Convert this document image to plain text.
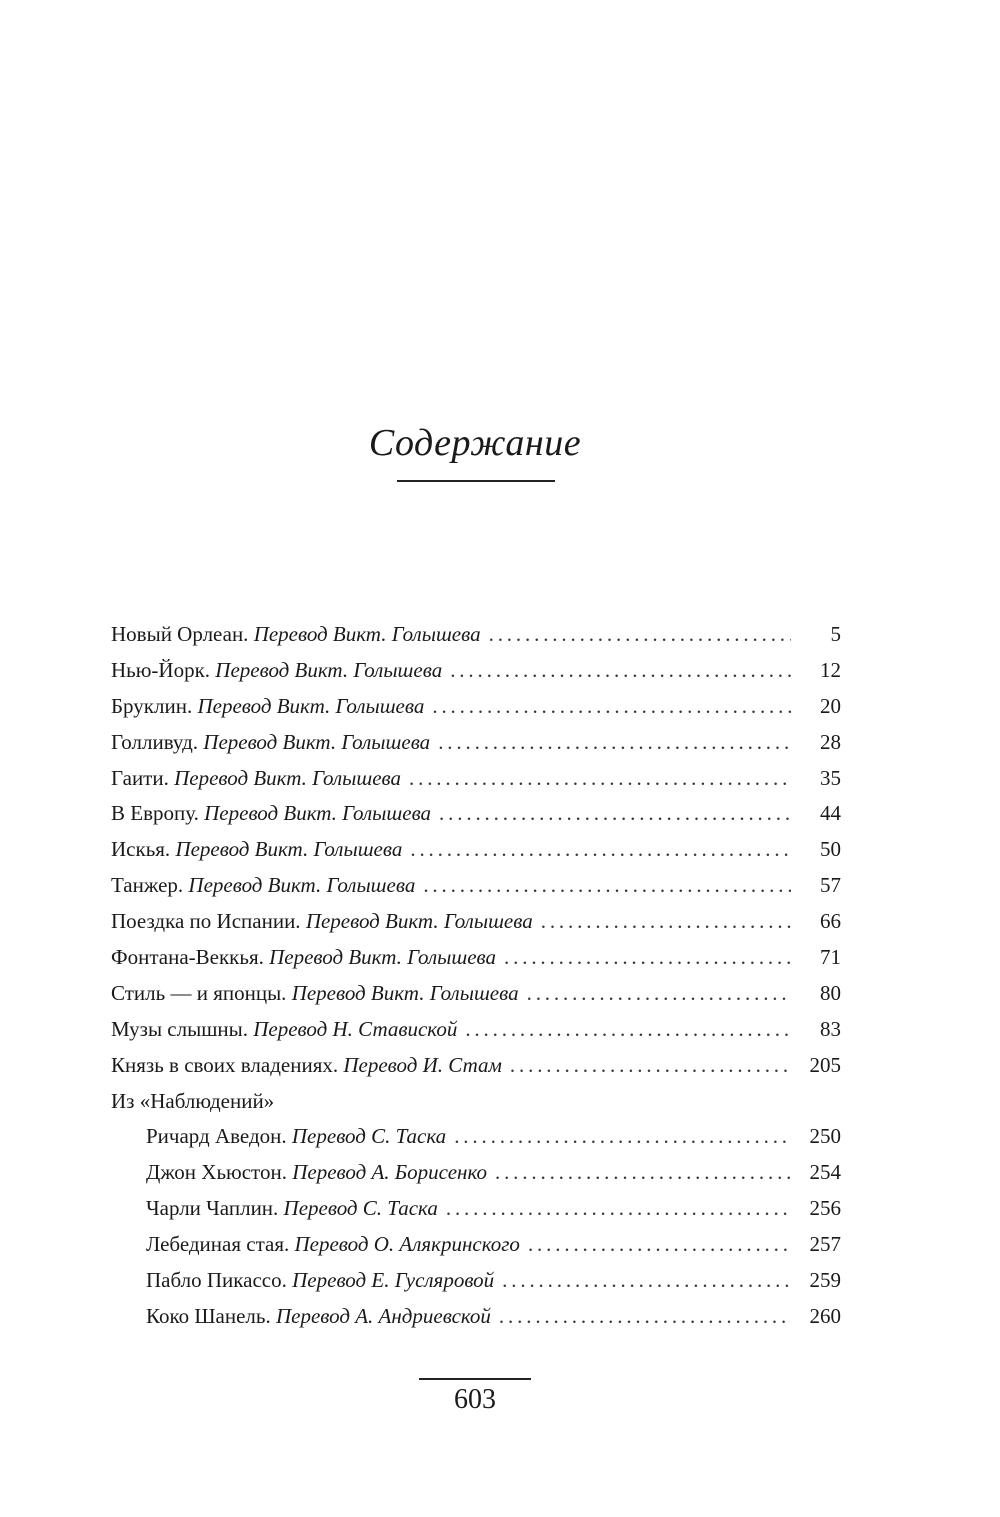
Содержание
Новый Орлеан. Перевод Викт. Голышева . . .	5
Нью-Йорк. Перевод Викт. Голышева . . .	12
Бруклин. Перевод Викт. Голышева . . .	20
Голливуд. Перевод Викт. Голышева . . .	28
Гаити. Перевод Викт. Голышева . . .	35
В Европу. Перевод Викт. Голышева . . .	44
Искья. Перевод Викт. Голышева . . .	50
Танжер. Перевод Викт. Голышева . . .	57
Поездка по Испании. Перевод Викт. Голышева . . .	66
Фонтана-Веккья. Перевод Викт. Голышева . . .	71
Стиль — и японцы. Перевод Викт. Голышева . . .	80
Музы слышны. Перевод Н. Ставиской . . .	83
Князь в своих владениях. Перевод И. Стам . . .	205
Из «Наблюдений»
Ричард Аведон. Перевод С. Таска . . .	250
Джон Хьюстон. Перевод А. Борисенко . . .	254
Чарли Чаплин. Перевод С. Таска . . .	256
Лебединая стая. Перевод О. Алякринского . . .	257
Пабло Пикассо. Перевод Е. Гусляровой . . .	259
Коко Шанель. Перевод А. Андриевской . . .	260
603
